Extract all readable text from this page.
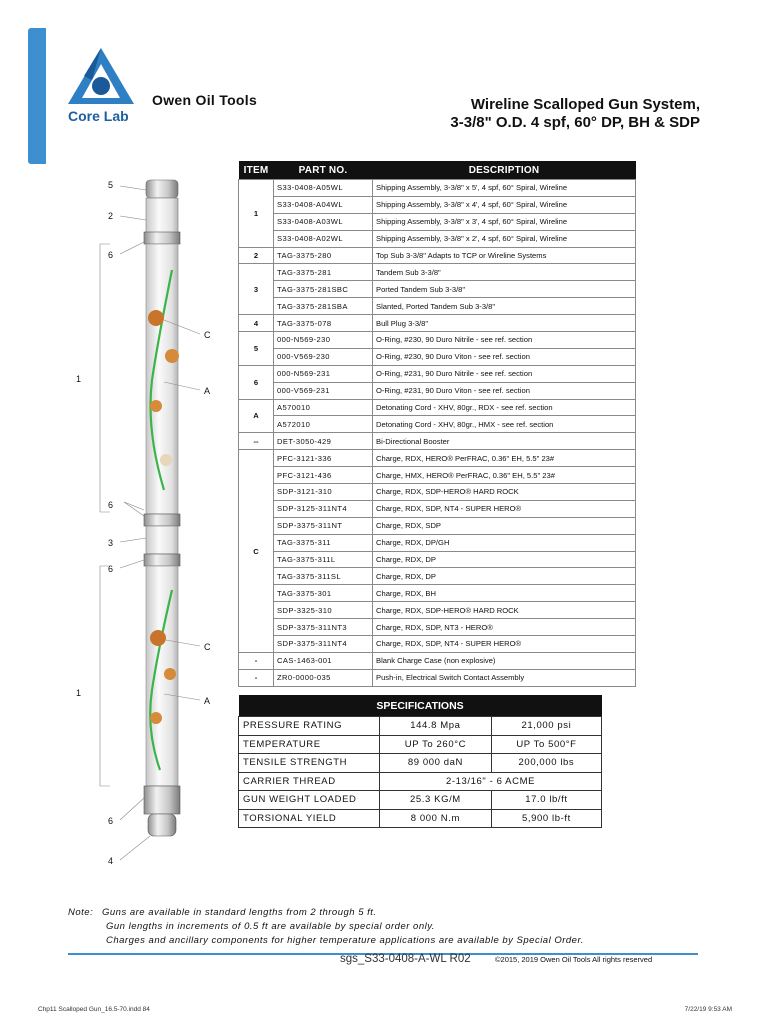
Core Lab
Owen Oil Tools	Wireline Scalloped Gun System,
3-3/8" O.D. 4 spf, 60° DP, BH & SDP
5
2
6
C
1
A
6
3
6
C
1
A
6
4
ITEM	PART NO.	DESCRIPTION
1	S33-0408-A05WL	Shipping Assembly, 3-3/8" x 5', 4 spf, 60° Spiral, Wireline
	S33-0408-A04WL	Shipping Assembly, 3-3/8" x 4', 4 spf, 60° Spiral, Wireline
	S33-0408-A03WL	Shipping Assembly, 3-3/8" x 3', 4 spf, 60° Spiral, Wireline
	S33-0408-A02WL	Shipping Assembly, 3-3/8" x 2', 4 spf, 60° Spiral, Wireline
2	TAG-3375-280	Top Sub 3-3/8" Adapts to TCP or Wireline Systems
3	TAG-3375-281	Tandem Sub 3-3/8"
	TAG-3375-281SBC	Ported Tandem Sub 3-3/8"
	TAG-3375-281SBA	Slanted, Ported Tandem Sub 3-3/8"
4	TAG-3375-078	Bull Plug 3-3/8"
5	000-N569-230	O-Ring, #230, 90 Duro Nitrile - see ref. section
	000-V569-230	O-Ring, #230, 90 Duro Viton - see ref. section
6	000-N569-231	O-Ring, #231, 90 Duro Nitrile - see ref. section
	000-V569-231	O-Ring, #231, 90 Duro Viton - see ref. section
A	A570010	Detonating Cord - XHV, 80gr., RDX - see ref. section
	A572010	Detonating Cord - XHV, 80gr., HMX - see ref. section
--	DET-3050-429	Bi-Directional Booster
C	PFC-3121-336	Charge, RDX, HERO® PerFRAC, 0.36" EH, 5.5" 23#
	PFC-3121-436	Charge, HMX, HERO® PerFRAC, 0.36" EH, 5.5" 23#
	SDP-3121-310	Charge, RDX, SDP-HERO® HARD ROCK
	SDP-3125-311NT4	Charge, RDX, SDP, NT4 - SUPER HERO®
	SDP-3375-311NT	Charge, RDX, SDP
	TAG-3375-311	Charge, RDX, DP/GH
	TAG-3375-311L	Charge, RDX, DP
	TAG-3375-311SL	Charge, RDX, DP
	TAG-3375-301	Charge, RDX, BH
	SDP-3325-310	Charge, RDX, SDP-HERO® HARD ROCK
	SDP-3375-311NT3	Charge, RDX, SDP, NT3 - HERO®
	SDP-3375-311NT4	Charge, RDX, SDP, NT4 - SUPER HERO®
-	CAS-1463-001	Blank Charge Case (non explosive)
-	ZR0-0000-035	Push-in, Electrical Switch Contact Assembly
SPECIFICATIONS		
PRESSURE RATING	144.8 Mpa	21,000 psi
TEMPERATURE	UP To 260°C	UP To 500°F
TENSILE STRENGTH	89 000 daN	200,000 lbs
CARRIER THREAD	2-13/16" - 6 ACME	
GUN WEIGHT LOADED	25.3 KG/M	17.0 lb/ft
TORSIONAL YIELD	8 000 N.m	5,900 lb-ft
Note: Guns are available in standard lengths from 2 through 5 ft.
Gun lengths in increments of 0.5 ft are available by special order only.
Charges and ancillary components for higher temperature applications are available by Special Order.
sgs_S33-0408-A-WL R02	©2015, 2019 Owen Oil Tools All rights reserved
Chp11 Scalloped Gun_16.5-70.indd 84	7/22/19 9:53 AM
